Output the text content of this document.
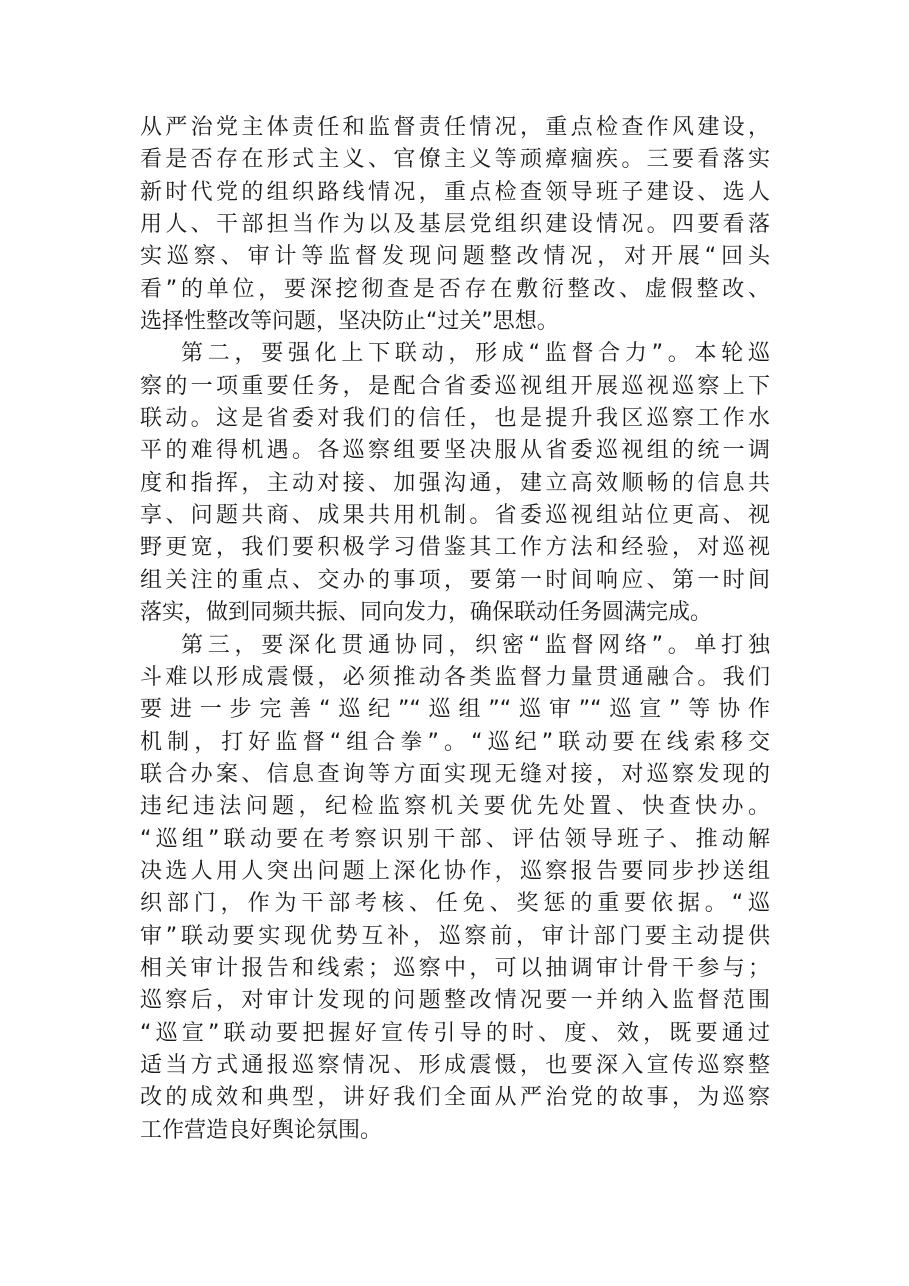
从严治党主体责任和监督责任情况，重点检查作风建设，
看是否存在形式主义、官僚主义等顽瘴痼疾。三要看落实
新时代党的组织路线情况，重点检查领导班子建设、选人
用人、干部担当作为以及基层党组织建设情况。四要看落
实巡察、审计等监督发现问题整改情况，对开展“回头
看”的单位，要深挖彻查是否存在敷衍整改、虚假整改、
选择性整改等问题，坚决防止“过关”思想。
第二，要强化上下联动，形成“监督合力”。本轮巡
察的一项重要任务，是配合省委巡视组开展巡视巡察上下
联动。这是省委对我们的信任，也是提升我区巡察工作水
平的难得机遇。各巡察组要坚决服从省委巡视组的统一调
度和指挥，主动对接、加强沟通，建立高效顺畅的信息共
享、问题共商、成果共用机制。省委巡视组站位更高、视
野更宽，我们要积极学习借鉴其工作方法和经验，对巡视
组关注的重点、交办的事项，要第一时间响应、第一时间
落实，做到同频共振、同向发力，确保联动任务圆满完成。
第三，要深化贯通协同，织密“监督网络”。单打独
斗难以形成震慑，必须推动各类监督力量贯通融合。我们
要进一步完善“巡纪”“巡组”“巡审”“巡宣”等协作
机制，打好监督“组合拳”。“巡纪”联动要在线索移交
联合办案、信息查询等方面实现无缝对接，对巡察发现的
违纪违法问题，纪检监察机关要优先处置、快查快办。
“巡组”联动要在考察识别干部、评估领导班子、推动解
决选人用人突出问题上深化协作，巡察报告要同步抄送组
织部门，作为干部考核、任免、奖惩的重要依据。“巡
审”联动要实现优势互补，巡察前，审计部门要主动提供
相关审计报告和线索；巡察中，可以抽调审计骨干参与；
巡察后，对审计发现的问题整改情况要一并纳入监督范围
“巡宣”联动要把握好宣传引导的时、度、效，既要通过
适当方式通报巡察情况、形成震慑，也要深入宣传巡察整
改的成效和典型，讲好我们全面从严治党的故事，为巡察
工作营造良好舆论氛围。
